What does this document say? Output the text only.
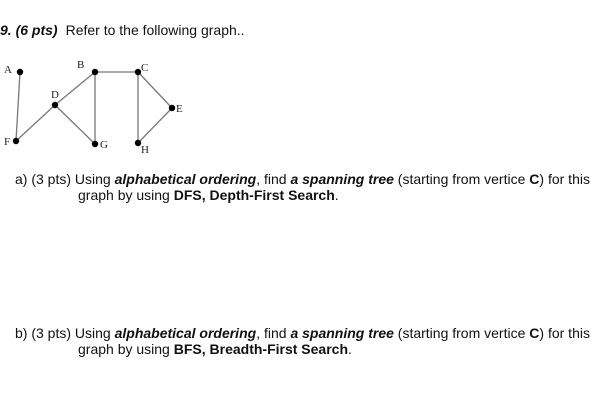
9. (6 pts) Refer to the following graph..
A	B	C
D
E
F	G	H
a) (3 pts) Using alphabetical ordering, find a spanning tree (starting from vertice C) for this
graph by using DFS, Depth-First Search.
b) (3 pts) Using alphabetical ordering, find a spanning tree (starting from vertice C) for this
graph by using BFS, Breadth-First Search.
